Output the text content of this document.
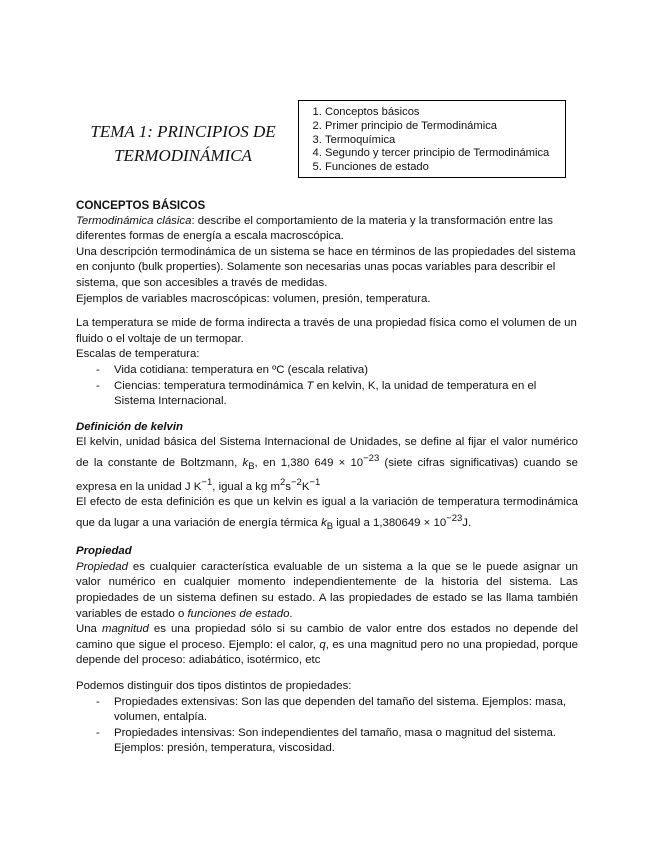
TEMA 1: PRINCIPIOS DE
TERMODINÁMICA
1. Conceptos básicos
2. Primer principio de Termodinámica
3. Termoquímica
4. Segundo y tercer principio de Termodinámica
5. Funciones de estado

CONCEPTOS BÁSICOS

Termodinámica clásica: describe el comportamiento de la materia y la transformación entre las diferentes formas de energía a escala macroscópica.

Una descripción termodinámica de un sistema se hace en términos de las propiedades del sistema en conjunto (bulk properties). Solamente son necesarias unas pocas variables para describir el sistema, que son accesibles a través de medidas.

Ejemplos de variables macroscópicas: volumen, presión, temperatura.

La temperatura se mide de forma indirecta a través de una propiedad física como el volumen de un fluido o el voltaje de un termopar.

Escalas de temperatura:

- Vida cotidiana: temperatura en ºC (escala relativa)
- Ciencias: temperatura termodinámica T en kelvin, K, la unidad de temperatura en el Sistema Internacional.

Definición de kelvin

El kelvin, unidad básica del Sistema Internacional de Unidades, se define al fijar el valor numérico de la constante de Boltzmann, $k_B$, en 1,380 $649 \times 10^{-23}$ (siete cifras significativas) cuando se expresa en la unidad J $K^{-1}$, igual a kg $m^2s^{-2}K^{-1}$

El efecto de esta definición es que un kelvin es igual a la variación de temperatura termodinámica que da lugar a una variación de energía térmica $k_B$ igual a $1,380649 \times 10^{-23}J$.

Propiedad

Propiedad es cualquier característica evaluable de un sistema a la que se le puede asignar un valor numérico en cualquier momento independientemente de la historia del sistema. Las propiedades de un sistema definen su estado. A las propiedades de estado se las llama también variables de estado o funciones de estado.

Una magnitud es una propiedad sólo si su cambio de valor entre dos estados no depende del camino que sigue el proceso. Ejemplo: el calor, q, es una magnitud pero no una propiedad, porque depende del proceso: adiabático, isotérmico, etc

Podemos distinguir dos tipos distintos de propiedades:

- Propiedades extensivas: Son las que dependen del tamaño del sistema. Ejemplos: masa, volumen, entalpía.
- Propiedades intensivas: Son independientes del tamaño, masa o magnitud del sistema. Ejemplos: presión, temperatura, viscosidad.
